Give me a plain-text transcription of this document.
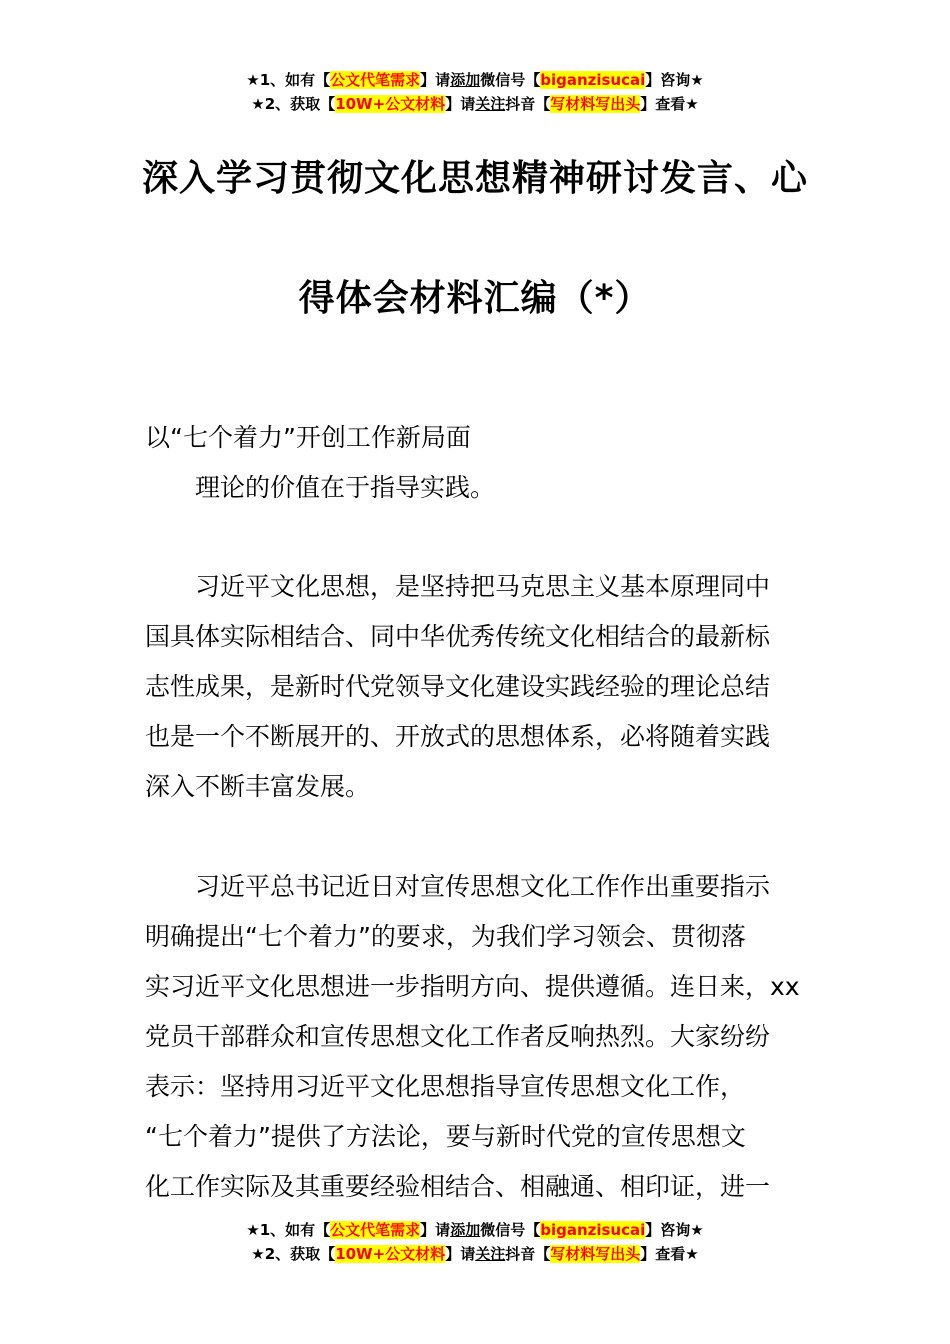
★1、如有【公文代笔需求】请添加微信号【biganzisucai】咨询★
★2、获取【10W+公文材料】请关注抖音【写材料写出头】查看★
深入学习贯彻文化思想精神研讨发言、心
得体会材料汇编（*）
以“七个着力”开创工作新局面
　　理论的价值在于指导实践。
　　习近平文化思想，是坚持把马克思主义基本原理同中
国具体实际相结合、同中华优秀传统文化相结合的最新标
志性成果，是新时代党领导文化建设实践经验的理论总结
也是一个不断展开的、开放式的思想体系，必将随着实践
深入不断丰富发展。
　　习近平总书记近日对宣传思想文化工作作出重要指示
明确提出“七个着力”的要求，为我们学习领会、贯彻落
实习近平文化思想进一步指明方向、提供遵循。连日来，xx
党员干部群众和宣传思想文化工作者反响热烈。大家纷纷
表示：坚持用习近平文化思想指导宣传思想文化工作，
“七个着力”提供了方法论，要与新时代党的宣传思想文
化工作实际及其重要经验相结合、相融通、相印证，进一
★1、如有【公文代笔需求】请添加微信号【biganzisucai】咨询★
★2、获取【10W+公文材料】请关注抖音【写材料写出头】查看★
